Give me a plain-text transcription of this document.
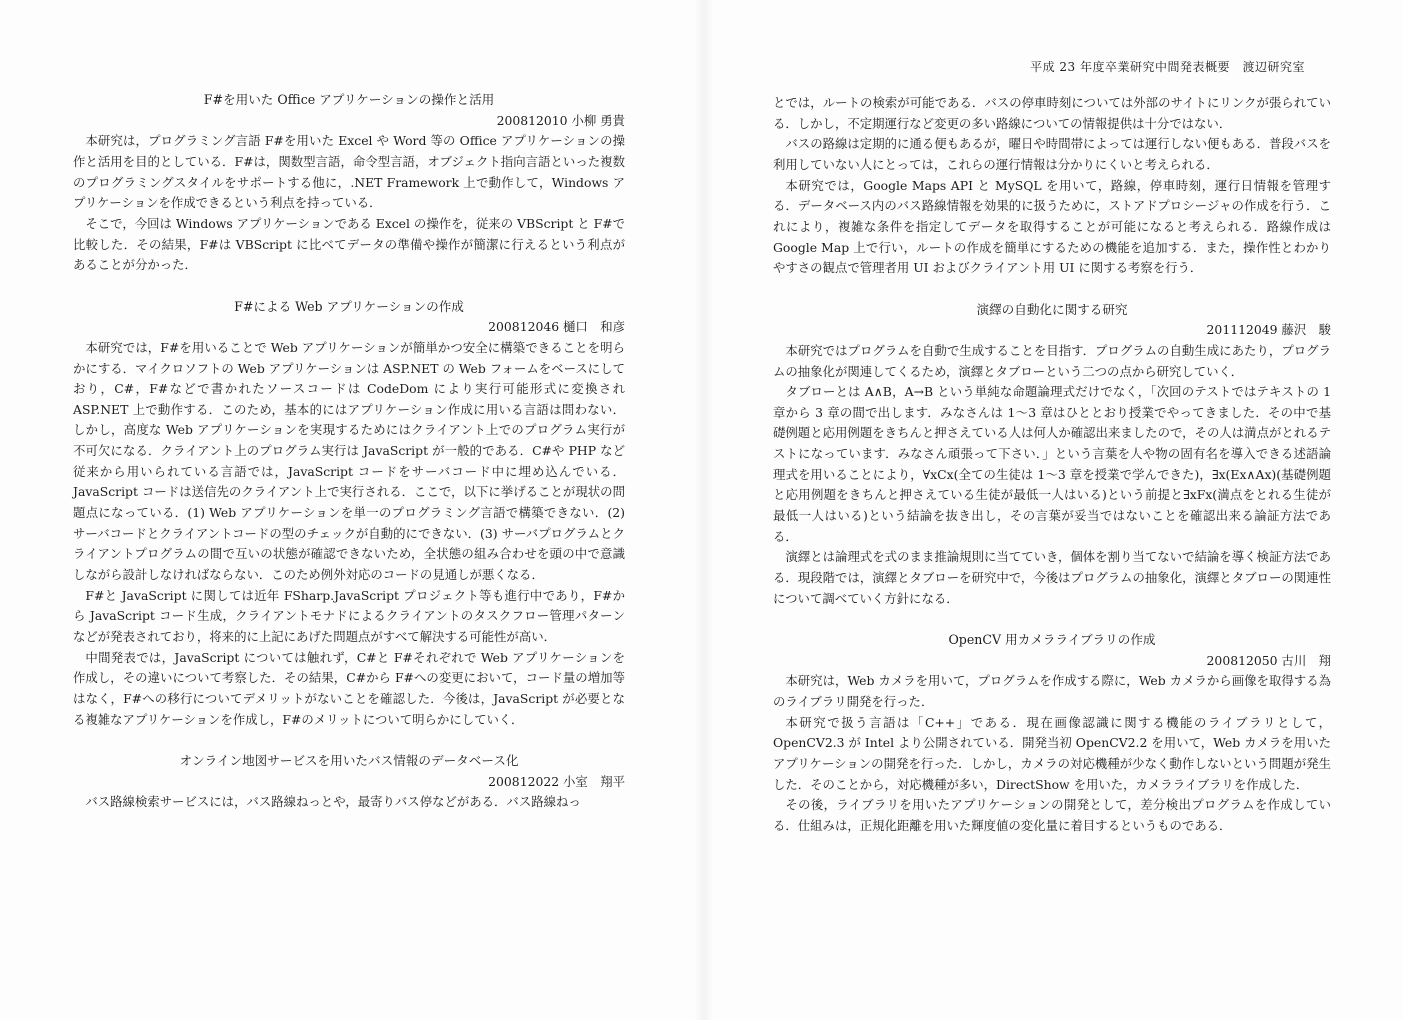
平成 23 年度卒業研究中間発表概要　渡辺研究室
F#を用いた Office アプリケーションの操作と活用
200812010 小柳 勇貴

本研究は，プログラミング言語 F#を用いた Excel や Word 等の Office アプリケーションの操作と活用を目的としている．F#は，関数型言語，命令型言語，オブジェクト指向言語といった複数のプログラミングスタイルをサポートする他に，.NET Framework 上で動作して，Windows アプリケーションを作成できるという利点を持っている．

そこで，今回は Windows アプリケーションである Excel の操作を，従来の VBScript と F#で比較した．その結果，F#は VBScript に比べてデータの準備や操作が簡潔に行えるという利点があることが分かった．

F#による Web アプリケーションの作成
200812046 樋口　和彦

本研究では，F#を用いることで Web アプリケーションが簡単かつ安全に構築できることを明らかにする．マイクロソフトの Web アプリケーションは ASP.NET の Web フォームをベースにしており，C#，F#などで書かれたソースコードは CodeDom により実行可能形式に変換され ASP.NET 上で動作する．このため，基本的にはアプリケーション作成に用いる言語は問わない．しかし，高度な Web アプリケーションを実現するためにはクライアント上でのプログラム実行が不可欠になる．クライアント上のプログラム実行は JavaScript が一般的である．C#や PHP など従来から用いられている言語では，JavaScript コードをサーバコード中に埋め込んでいる．JavaScript コードは送信先のクライアント上で実行される．ここで，以下に挙げることが現状の問題点になっている．(1) Web アプリケーションを単一のプログラミング言語で構築できない．(2) サーバコードとクライアントコードの型のチェックが自動的にできない．(3) サーバプログラムとクライアントプログラムの間で互いの状態が確認できないため，全状態の組み合わせを頭の中で意識しながら設計しなければならない．このため例外対応のコードの見通しが悪くなる．

F#と JavaScript に関しては近年 FSharp.JavaScript プロジェクト等も進行中であり，F#から JavaScript コード生成，クライアントモナドによるクライアントのタスクフロー管理パターンなどが発表されており，将来的に上記にあげた問題点がすべて解決する可能性が高い．

中間発表では，JavaScript については触れず，C#と F#それぞれで Web アプリケーションを作成し，その違いについて考察した．その結果，C#から F#への変更において，コード量の増加等はなく，F#への移行についてデメリットがないことを確認した．今後は，JavaScript が必要となる複雑なアプリケーションを作成し，F#のメリットについて明らかにしていく．

オンライン地図サービスを用いたバス情報のデータベース化
200812022 小室　翔平

バス路線検索サービスには，バス路線ねっとや，最寄りバス停などがある．バス路線ねっ

とでは，ルートの検索が可能である．バスの停車時刻については外部のサイトにリンクが張られている．しかし，不定期運行など変更の多い路線についての情報提供は十分ではない．

バスの路線は定期的に通る便もあるが，曜日や時間帯によっては運行しない便もある．普段バスを利用していない人にとっては，これらの運行情報は分かりにくいと考えられる．

本研究では，Google Maps API と MySQL を用いて，路線，停車時刻，運行日情報を管理する．データベース内のバス路線情報を効果的に扱うために，ストアドプロシージャの作成を行う．これにより，複雑な条件を指定してデータを取得することが可能になると考えられる．路線作成は Google Map 上で行い，ルートの作成を簡単にするための機能を追加する．また，操作性とわかりやすさの観点で管理者用 UI およびクライアント用 UI に関する考察を行う．

演繹の自動化に関する研究
201112049 藤沢　駿

本研究ではプログラムを自動で生成することを目指す．プログラムの自動生成にあたり，プログラムの抽象化が関連してくるため，演繹とタブローという二つの点から研究していく．

タブローとは A∧B，A→B という単純な命題論理式だけでなく，「次回のテストではテキストの 1 章から 3 章の間で出します．みなさんは 1〜3 章はひととおり授業でやってきました．その中で基礎例題と応用例題をきちんと押さえている人は何人か確認出来ましたので，その人は満点がとれるテストになっています．みなさん頑張って下さい．」という言葉を人や物の固有名を導入できる述語論理式を用いることにより，∀xCx(全ての生徒は 1〜3 章を授業で学んできた)，∃x(Ex∧Ax)(基礎例題と応用例題をきちんと押さえている生徒が最低一人はいる)という前提と∃xFx(満点をとれる生徒が最低一人はいる)という結論を抜き出し，その言葉が妥当ではないことを確認出来る論証方法である．

演繹とは論理式を式のまま推論規則に当てていき，個体を割り当てないで結論を導く検証方法である．現段階では，演繹とタブローを研究中で，今後はプログラムの抽象化，演繹とタブローの関連性について調べていく方針になる．

OpenCV 用カメラライブラリの作成
200812050 古川　翔

本研究は，Web カメラを用いて，プログラムを作成する際に，Web カメラから画像を取得する為のライブラリ開発を行った．

本研究で扱う言語は「C++」である．現在画像認識に関する機能のライブラリとして，OpenCV2.3 が Intel より公開されている．開発当初 OpenCV2.2 を用いて，Web カメラを用いたアプリケーションの開発を行った．しかし，カメラの対応機種が少なく動作しないという問題が発生した．そのことから，対応機種が多い，DirectShow を用いた，カメラライブラリを作成した．

その後，ライブラリを用いたアプリケーションの開発として，差分検出プログラムを作成している．仕組みは，正規化距離を用いた輝度値の変化量に着目するというものである．
